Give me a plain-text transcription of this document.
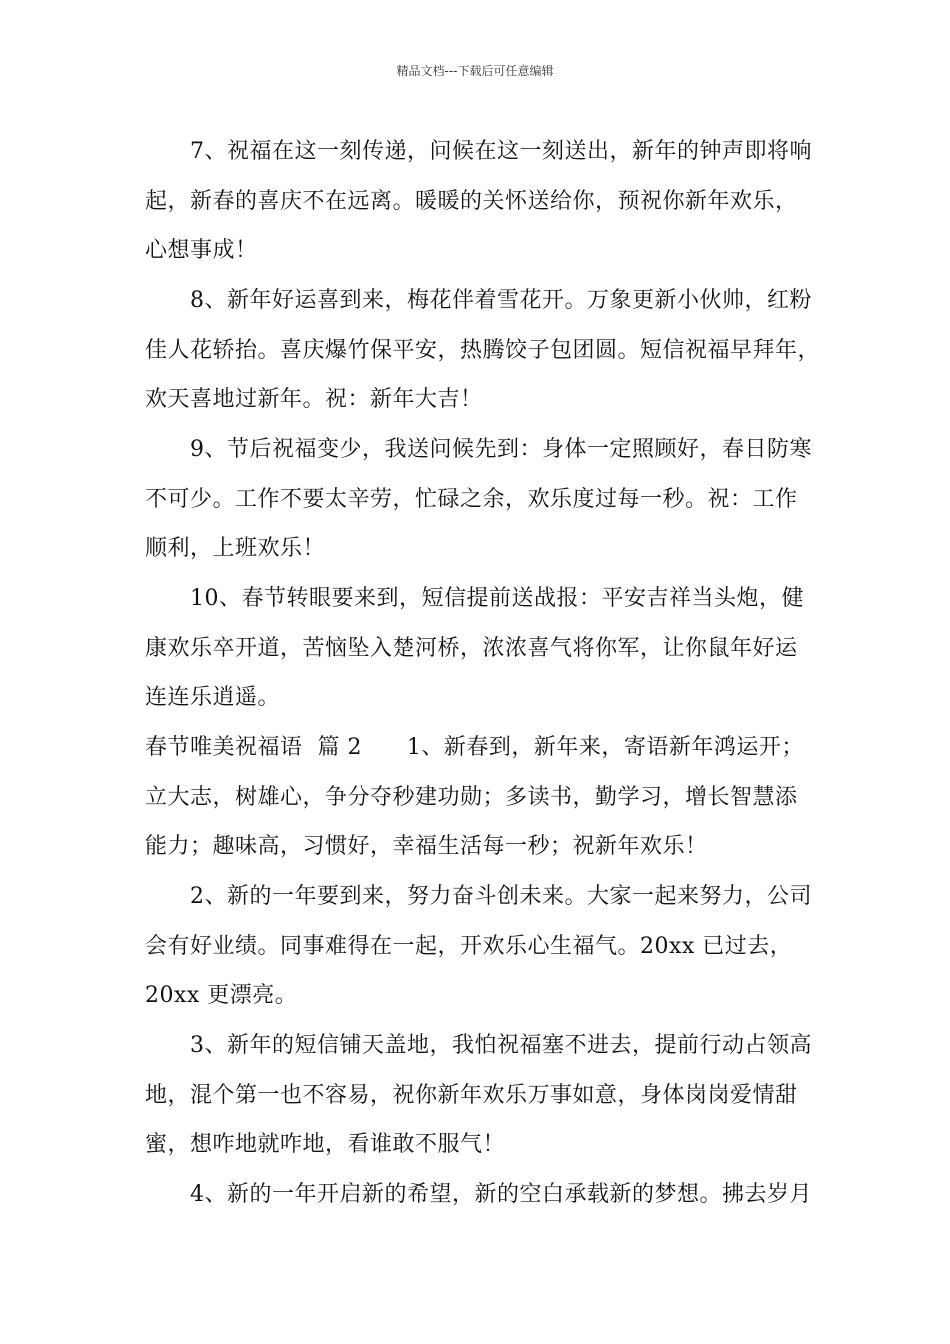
精品文档---下载后可任意编辑
7、祝福在这一刻传递，问候在这一刻送出，新年的钟声即将响
起，新春的喜庆不在远离。暖暖的关怀送给你，预祝你新年欢乐，
心想事成！
8、新年好运喜到来，梅花伴着雪花开。万象更新小伙帅，红粉
佳人花轿抬。喜庆爆竹保平安，热腾饺子包团圆。短信祝福早拜年，
欢天喜地过新年。祝：新年大吉！
9、节后祝福变少，我送问候先到：身体一定照顾好，春日防寒
不可少。工作不要太辛劳，忙碌之余，欢乐度过每一秒。祝：工作
顺利，上班欢乐！
10、春节转眼要来到，短信提前送战报：平安吉祥当头炮，健
康欢乐卒开道，苦恼坠入楚河桥，浓浓喜气将你军，让你鼠年好运
连连乐逍遥。
春节唯美祝福语  篇 2      1、新春到，新年来，寄语新年鸿运开；
立大志，树雄心，争分夺秒建功勋；多读书，勤学习，增长智慧添
能力；趣味高，习惯好，幸福生活每一秒；祝新年欢乐！
2、新的一年要到来，努力奋斗创未来。大家一起来努力，公司
会有好业绩。同事难得在一起，开欢乐心生福气。20xx 已过去，
20xx 更漂亮。
3、新年的短信铺天盖地，我怕祝福塞不进去，提前行动占领高
地，混个第一也不容易，祝你新年欢乐万事如意，身体岗岗爱情甜
蜜，想咋地就咋地，看谁敢不服气！
4、新的一年开启新的希望，新的空白承载新的梦想。拂去岁月
